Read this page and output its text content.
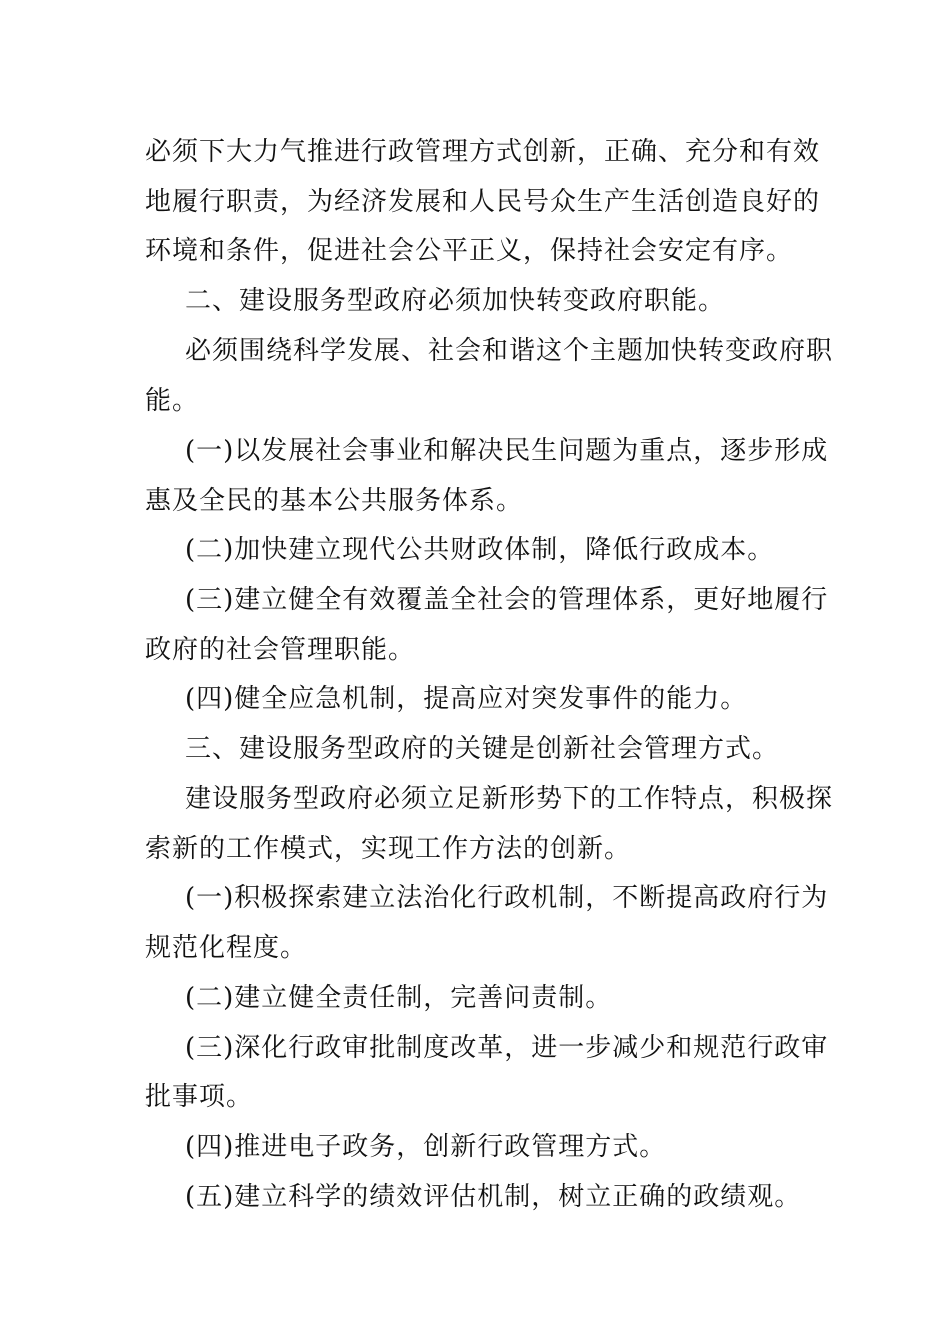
必须下大力气推进行政管理方式创新，正确、充分和有效
地履行职责，为经济发展和人民号众生产生活创造良好的
环境和条件，促进社会公平正义，保持社会安定有序。
二、建设服务型政府必须加快转变政府职能。
必须围绕科学发展、社会和谐这个主题加快转变政府职
能。
(一)以发展社会事业和解决民生问题为重点，逐步形成
惠及全民的基本公共服务体系。
(二)加快建立现代公共财政体制，降低行政成本。
(三)建立健全有效覆盖全社会的管理体系，更好地履行
政府的社会管理职能。
(四)健全应急机制，提高应对突发事件的能力。
三、建设服务型政府的关键是创新社会管理方式。
建设服务型政府必须立足新形势下的工作特点，积极探
索新的工作模式，实现工作方法的创新。
(一)积极探索建立法治化行政机制，不断提高政府行为
规范化程度。
(二)建立健全责任制，完善问责制。
(三)深化行政审批制度改革，进一步减少和规范行政审
批事项。
(四)推进电子政务，创新行政管理方式。
(五)建立科学的绩效评估机制，树立正确的政绩观。
